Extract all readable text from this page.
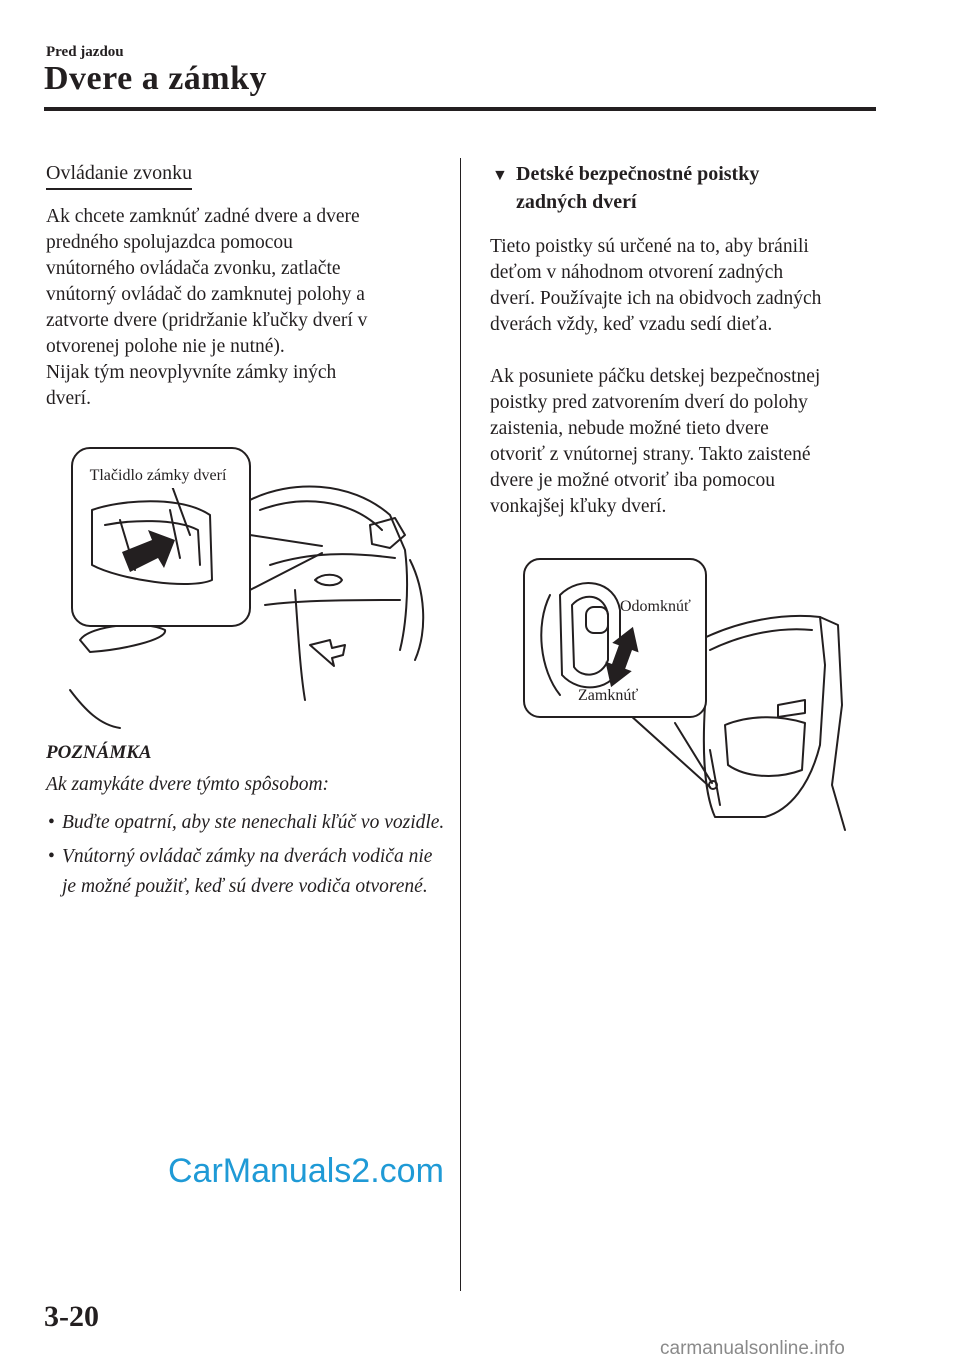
Pred jazdou
Dvere a zámky
Ovládanie zvonku
Ak chcete zamknúť zadné dvere a dvere
predného spolujazdca pomocou
vnútorného ovládača zvonku, zatlačte
vnútorný ovládač do zamknutej polohy a
zatvorte dvere (pridržanie kľučky dverí v
otvorenej polohe nie je nutné).
Nijak tým neovplyvníte zámky iných
dverí.
Tlačidlo zámky dverí
POZNÁMKA
Ak zamykáte dvere týmto spôsobom:
• Buďte opatrní, aby ste nenechali kľúč vo vozidle.
• Vnútorný ovládač zámky na dverách vodiča nie je možné použiť, keď sú dvere vodiča otvorené.
▼ Detské bezpečnostné poistky
zadných dverí
Tieto poistky sú určené na to, aby bránili
deťom v náhodnom otvorení zadných
dverí. Používajte ich na obidvoch zadných
dverách vždy, keď vzadu sedí dieťa.
Ak posuniete páčku detskej bezpečnostnej
poistky pred zatvorením dverí do polohy
zaistenia, nebude možné tieto dvere
otvoriť z vnútornej strany. Takto zaistené
dvere je možné otvoriť iba pomocou
vonkajšej kľuky dverí.
Odomknúť
Zamknúť
CarManuals2.com
3-20
carmanualsonline.info
